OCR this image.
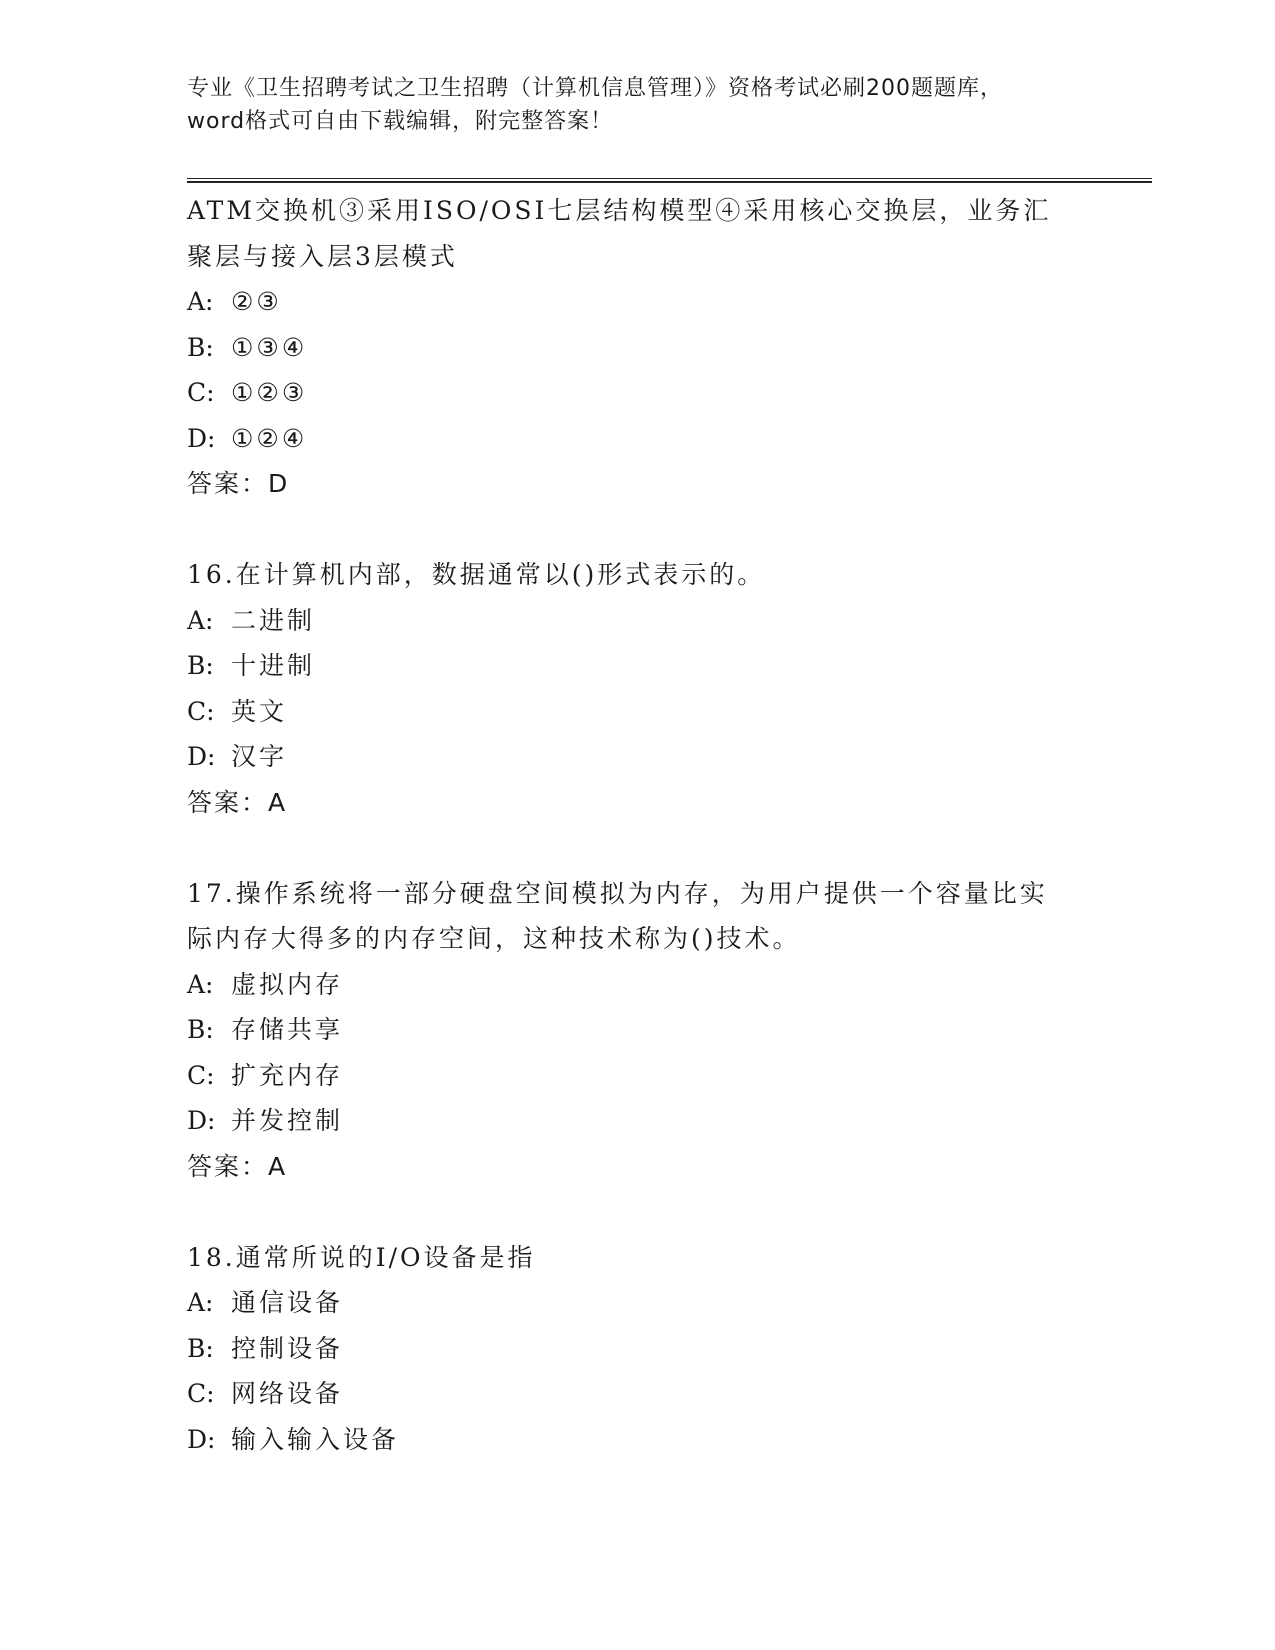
专业《卫生招聘考试之卫生招聘（计算机信息管理）》资格考试必刷200题题库，
word格式可自由下载编辑，附完整答案！
ATM交换机③采用ISO/OSI七层结构模型④采用核心交换层，业务汇
聚层与接入层3层模式
A: ②③
B: ①③④
C: ①②③
D: ①②④
答案：D
16.在计算机内部，数据通常以()形式表示的。
A: 二进制
B: 十进制
C: 英文
D: 汉字
答案：A
17.操作系统将一部分硬盘空间模拟为内存，为用户提供一个容量比实
际内存大得多的内存空间，这种技术称为()技术。
A: 虚拟内存
B: 存储共享
C: 扩充内存
D: 并发控制
答案：A
18.通常所说的I/O设备是指
A: 通信设备
B: 控制设备
C: 网络设备
D: 输入输入设备
